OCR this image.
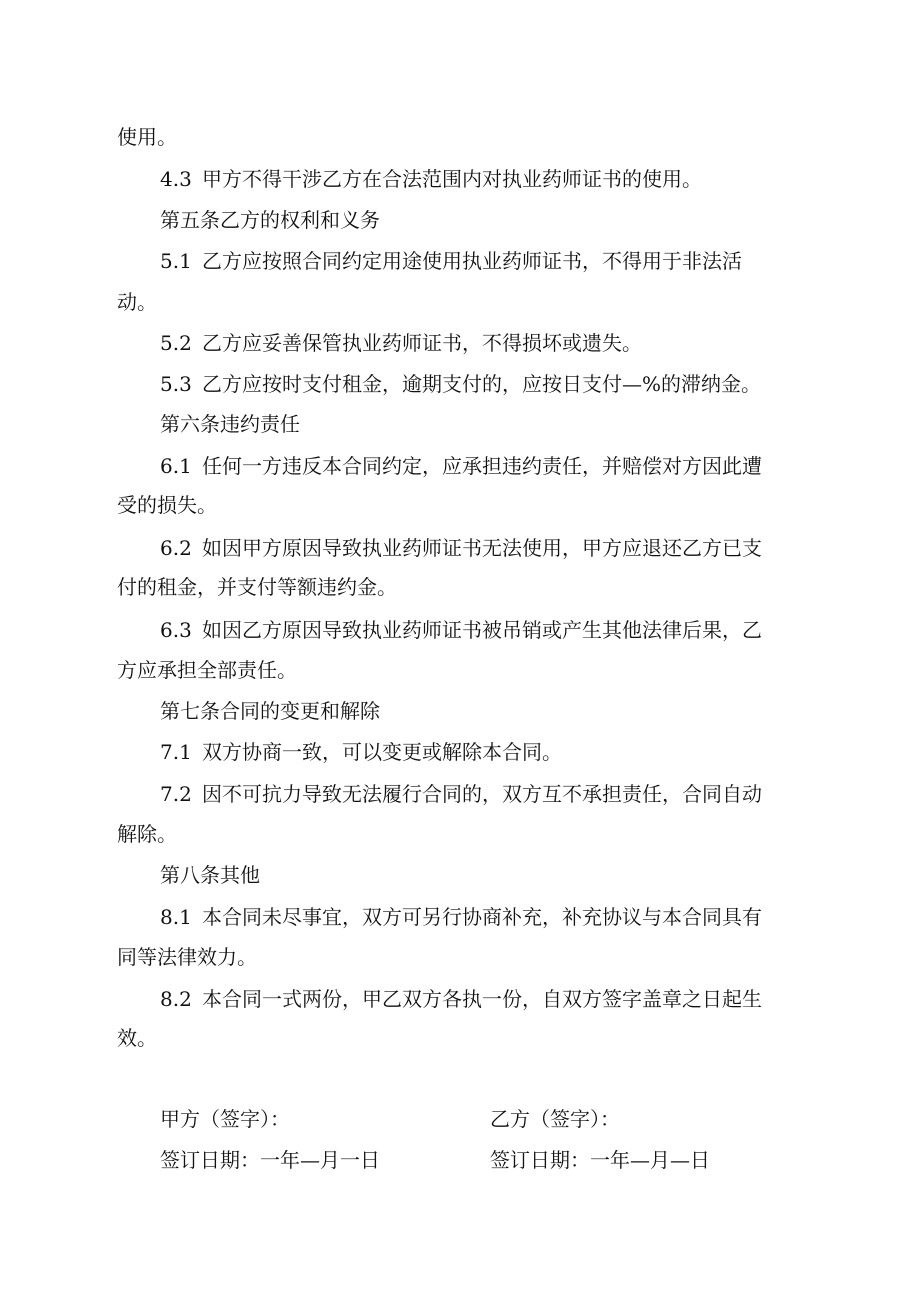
使用。
4.3 甲方不得干涉乙方在合法范围内对执业药师证书的使用。
第五条乙方的权利和义务
5.1 乙方应按照合同约定用途使用执业药师证书，不得用于非法活
动。
5.2 乙方应妥善保管执业药师证书，不得损坏或遗失。
5.3 乙方应按时支付租金，逾期支付的，应按日支付—%的滞纳金。
第六条违约责任
6.1 任何一方违反本合同约定，应承担违约责任，并赔偿对方因此遭
受的损失。
6.2 如因甲方原因导致执业药师证书无法使用，甲方应退还乙方已支
付的租金，并支付等额违约金。
6.3 如因乙方原因导致执业药师证书被吊销或产生其他法律后果，乙
方应承担全部责任。
第七条合同的变更和解除
7.1 双方协商一致，可以变更或解除本合同。
7.2 因不可抗力导致无法履行合同的，双方互不承担责任，合同自动
解除。
第八条其他
8.1 本合同未尽事宜，双方可另行协商补充，补充协议与本合同具有
同等法律效力。
8.2 本合同一式两份，甲乙双方各执一份，自双方签字盖章之日起生
效。
甲方（签字）：	乙方（签字）：
签订日期：一年—月一日	签订日期：一年—月—日
